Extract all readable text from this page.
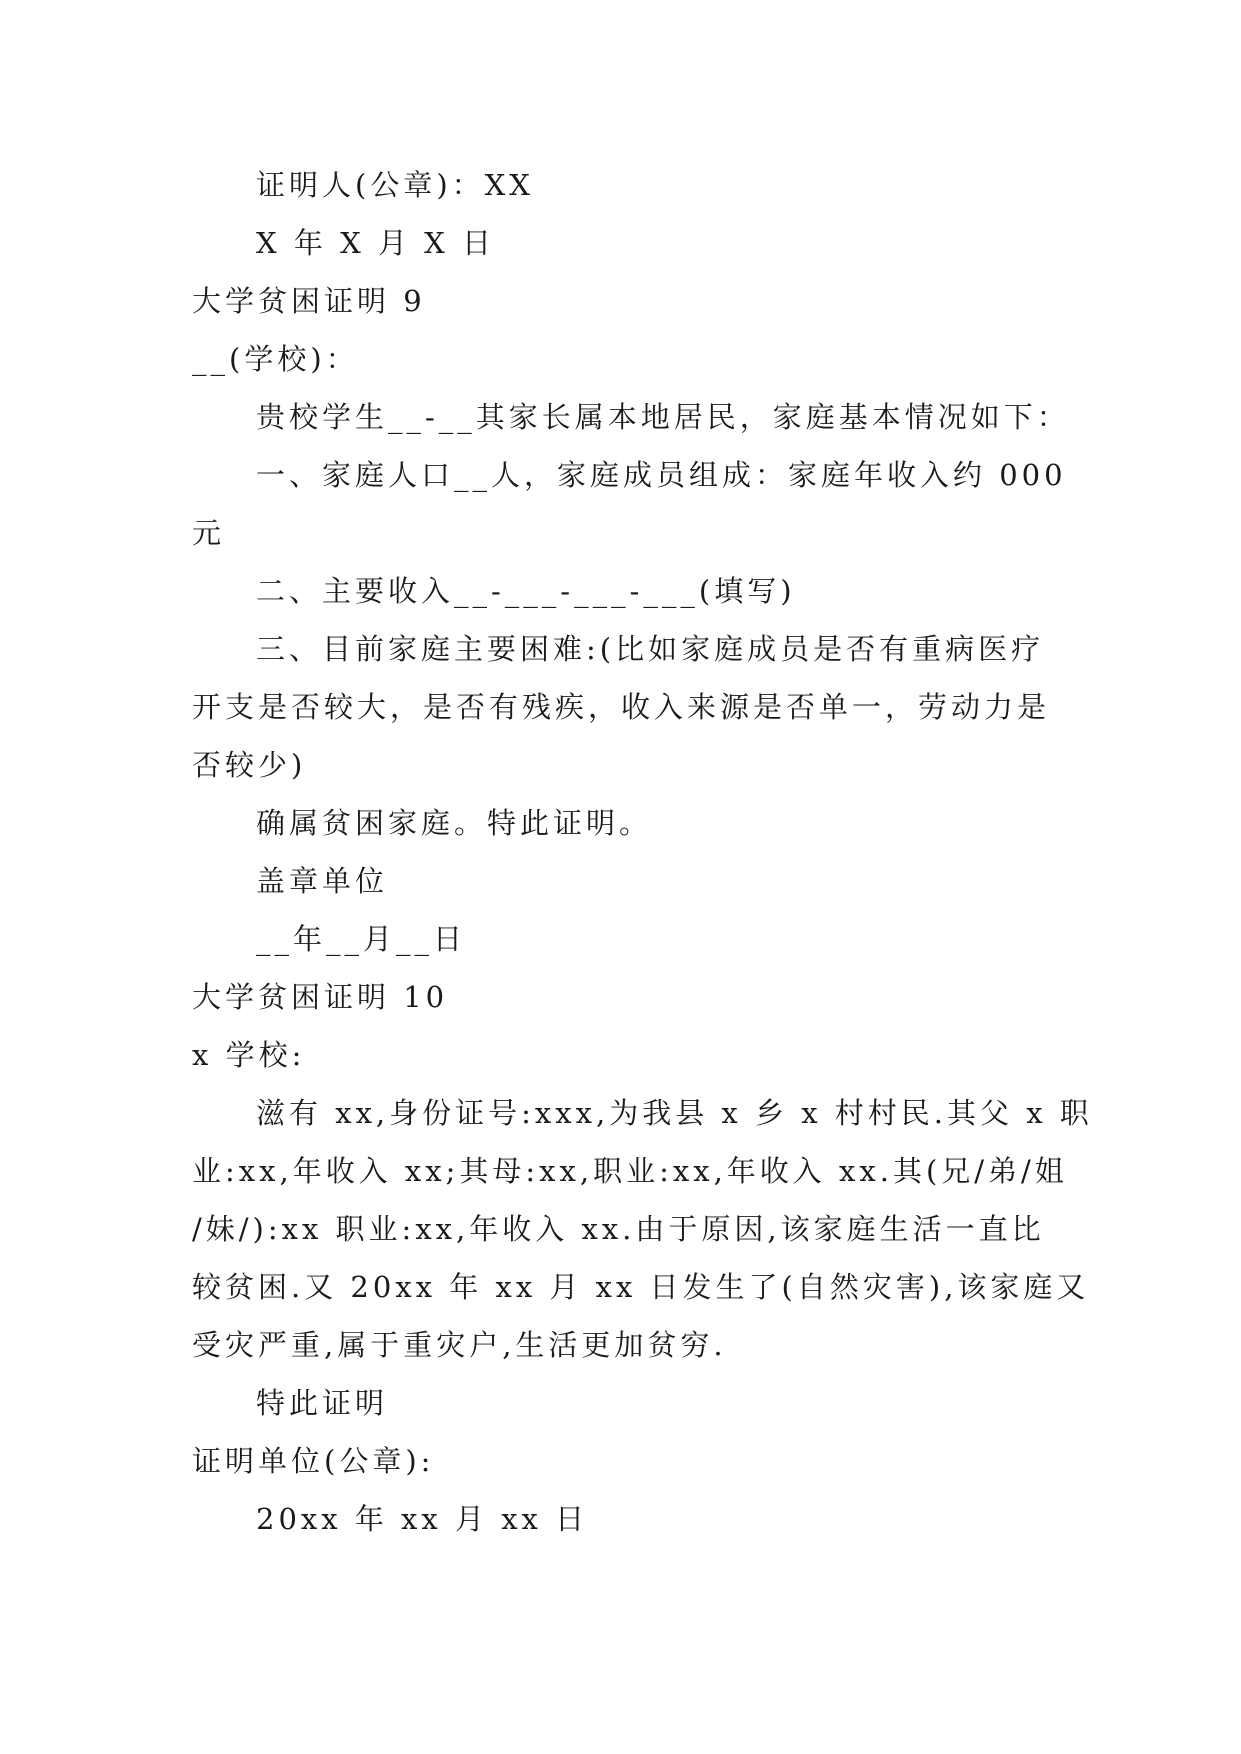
证明人(公章)：XX
X 年 X 月 X 日
大学贫困证明 9
__(学校)：
贵校学生__-__其家长属本地居民，家庭基本情况如下：
一、家庭人口__人，家庭成员组成：家庭年收入约 000
元
二、主要收入__-___-___-___(填写)
三、目前家庭主要困难:(比如家庭成员是否有重病医疗
开支是否较大，是否有残疾，收入来源是否单一，劳动力是
否较少)
确属贫困家庭。特此证明。
盖章单位
__年__月__日
大学贫困证明 10
x 学校:
滋有 xx,身份证号:xxx,为我县 x 乡 x 村村民.其父 x 职
业:xx,年收入 xx;其母:xx,职业:xx,年收入 xx.其(兄/弟/姐
/妹/):xx 职业:xx,年收入 xx.由于原因,该家庭生活一直比
较贫困.又 20xx 年 xx 月 xx 日发生了(自然灾害),该家庭又
受灾严重,属于重灾户,生活更加贫穷.
特此证明
证明单位(公章):
20xx 年 xx 月 xx 日
